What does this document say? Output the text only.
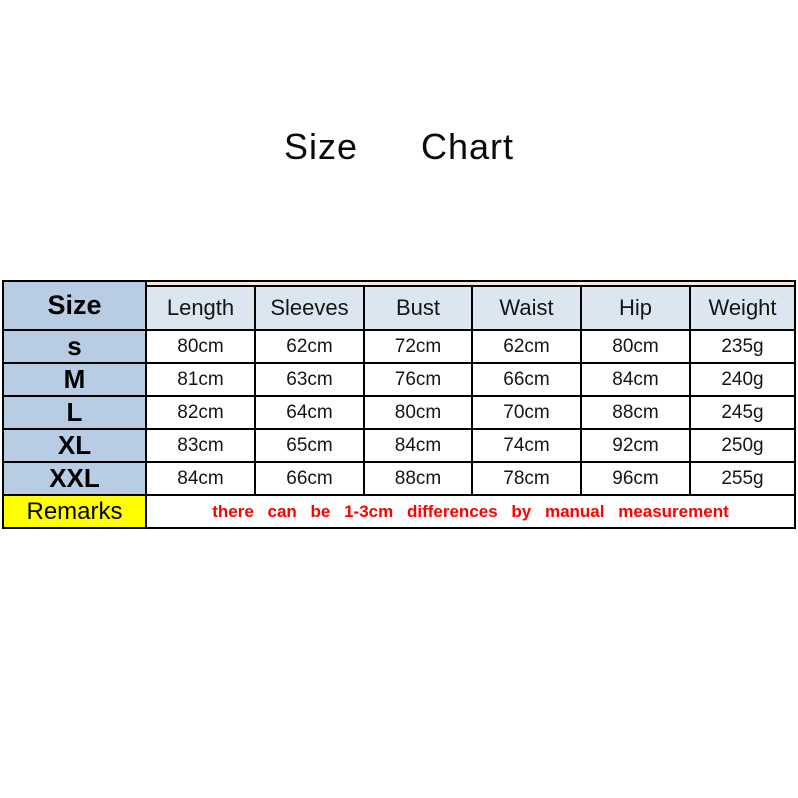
Size Chart
Size						
	Length	Sleeves	Bust	Waist	Hip	Weight
s	80cm	62cm	72cm	62cm	80cm	235g
M	81cm	63cm	76cm	66cm	84cm	240g
L	82cm	64cm	80cm	70cm	88cm	245g
XL	83cm	65cm	84cm	74cm	92cm	250g
XXL	84cm	66cm	88cm	78cm	96cm	255g
Remarks	there can be 1-3cm differences by manual measurement					
